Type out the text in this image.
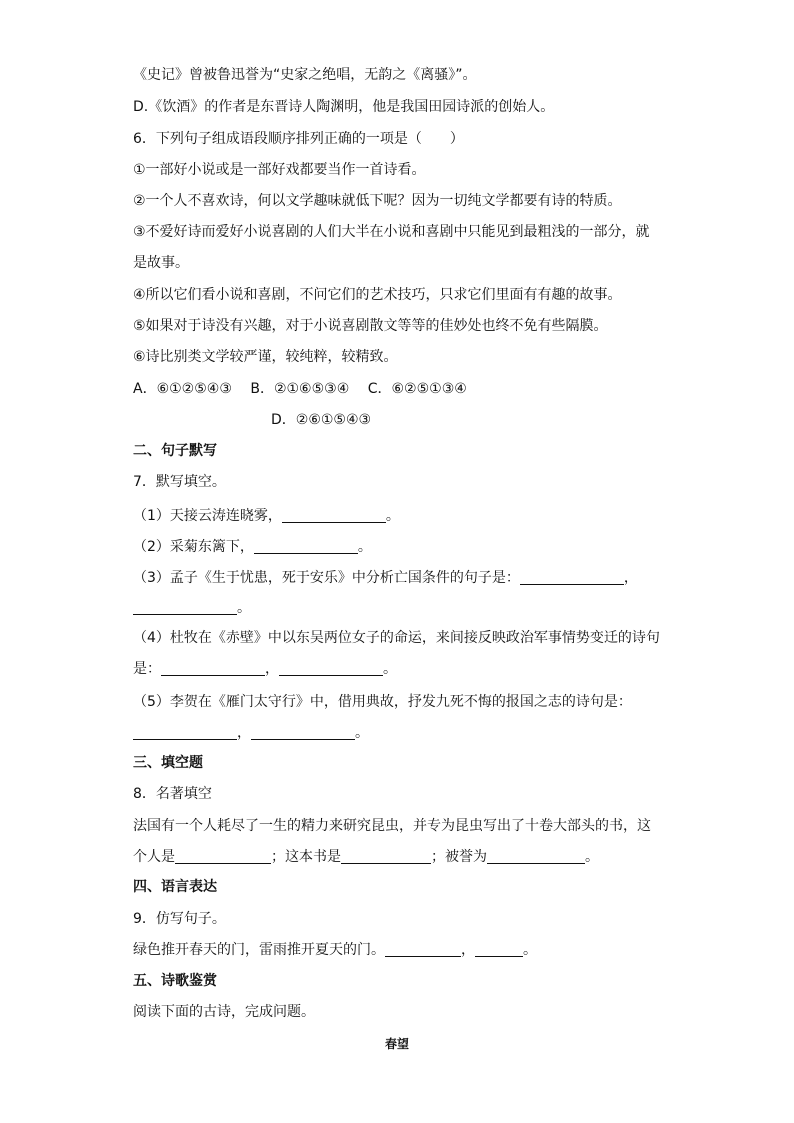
《史记》曾被鲁迅誉为“史家之绝唱，无韵之《离骚》”。
D.《饮酒》的作者是东晋诗人陶渊明，他是我国田园诗派的创始人。
6．下列句子组成语段顺序排列正确的一项是（　　）
①一部好小说或是一部好戏都要当作一首诗看。
②一个人不喜欢诗，何以文学趣味就低下呢？因为一切纯文学都要有诗的特质。
③不爱好诗而爱好小说喜剧的人们大半在小说和喜剧中只能见到最粗浅的一部分，就
是故事。
④所以它们看小说和喜剧，不问它们的艺术技巧，只求它们里面有有趣的故事。
⑤如果对于诗没有兴趣，对于小说喜剧散文等等的佳妙处也终不免有些隔膜。
⑥诗比别类文学较严谨，较纯粹，较精致。
A．⑥①②⑤④③ B．②①⑥⑤③④ C．⑥②⑤①③④
D．②⑥①⑤④③
二、句子默写
7．默写填空。
（1）天接云涛连晓雾，	。
（2）采菊东篱下，	。
（3）孟子《生于忧患，死于安乐》中分析亡国条件的句子是：	，
。
（4）杜牧在《赤壁》中以东吴两位女子的命运，来间接反映政治军事情势变迁的诗句
是：	，	。
（5）李贺在《雁门太守行》中，借用典故，抒发九死不悔的报国之志的诗句是：
，	。
三、填空题
8．名著填空
法国有一个人耗尽了一生的精力来研究昆虫，并专为昆虫写出了十卷大部头的书，这
个人是	；这本书是	；被誉为	。
四、语言表达
9．仿写句子。
绿色推开春天的门，雷雨推开夏天的门。	，	。
五、诗歌鉴赏
阅读下面的古诗，完成问题。
春望
